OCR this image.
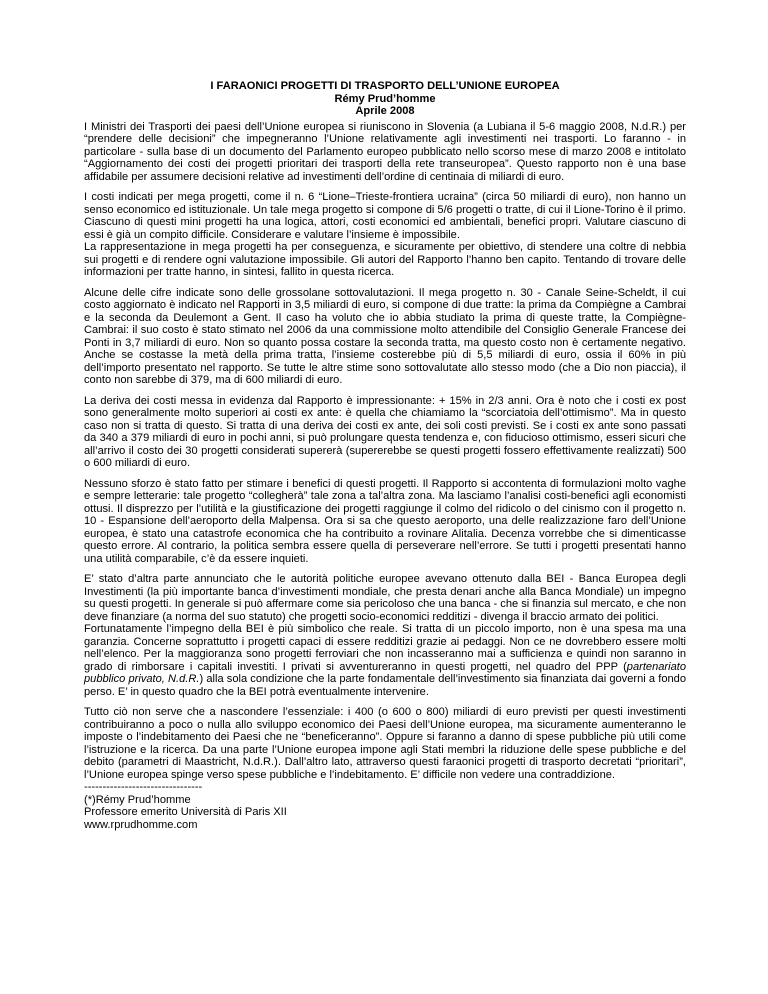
I FARAONICI PROGETTI DI TRASPORTO DELL’UNIONE EUROPEA
Rémy Prud’homme
Aprile 2008

I Ministri dei Trasporti dei paesi dell’Unione europea si riuniscono in Slovenia (a Lubiana il 5-6 maggio 2008, N.d.R.) per “prendere delle decisioni” che impegneranno l’Unione relativamente agli investimenti nei trasporti. Lo faranno - in particolare - sulla base di un documento del Parlamento europeo pubblicato nello scorso mese di marzo 2008 e intitolato “Aggiornamento dei costi dei progetti prioritari dei trasporti della rete transeuropea”. Questo rapporto non è una base affidabile per assumere decisioni relative ad investimenti dell’ordine di centinaia di miliardi di euro.

I costi indicati per mega progetti, come il n. 6 “Lione–Trieste-frontiera ucraina” (circa 50 miliardi di euro), non hanno un senso economico ed istituzionale. Un tale mega progetto si compone di 5/6 progetti o tratte, di cui il Lione-Torino è il primo. Ciascuno di questi mini progetti ha una logica, attori, costi economici ed ambientali, benefici propri. Valutare ciascuno di essi è già un compito difficile. Considerare e valutare l’insieme è impossibile.

La rappresentazione in mega progetti ha per conseguenza, e sicuramente per obiettivo, di stendere una coltre di nebbia sui progetti e di rendere ogni valutazione impossibile. Gli autori del Rapporto l’hanno ben capito. Tentando di trovare delle informazioni per tratte hanno, in sintesi, fallito in questa ricerca.

Alcune delle cifre indicate sono delle grossolane sottovalutazioni. Il mega progetto n. 30 - Canale Seine-Scheldt, il cui costo aggiornato è indicato nel Rapporti in 3,5 miliardi di euro, si compone di due tratte: la prima da Compiègne a Cambrai e la seconda da Deulemont a Gent. Il caso ha voluto che io abbia studiato la prima di queste tratte, la Compiègne-Cambrai: il suo costo è stato stimato nel 2006 da una commissione molto attendibile del Consiglio Generale Francese dei Ponti in 3,7 miliardi di euro. Non so quanto possa costare la seconda tratta, ma questo costo non è certamente negativo. Anche se costasse la metà della prima tratta, l’insieme costerebbe più di 5,5 miliardi di euro, ossia il 60% in più dell’importo presentato nel rapporto. Se tutte le altre stime sono sottovalutate allo stesso modo (che a Dio non piaccia), il conto non sarebbe di 379, ma di 600 miliardi di euro.

La deriva dei costi messa in evidenza dal Rapporto è impressionante: + 15% in 2/3 anni. Ora è noto che i costi ex post sono generalmente molto superiori ai costi ex ante: è quella che chiamiamo la “scorciatoia dell’ottimismo”. Ma in questo caso non si tratta di questo. Si tratta di una deriva dei costi ex ante, dei soli costi previsti. Se i costi ex ante sono passati da 340 a 379 miliardi di euro in pochi anni, si può prolungare questa tendenza e, con fiducioso ottimismo, esseri sicuri che all’arrivo il costo dei 30 progetti considerati supererà (supererebbe se questi progetti fossero effettivamente realizzati) 500 o 600 miliardi di euro.

Nessuno sforzo è stato fatto per stimare i benefici di questi progetti. Il Rapporto si accontenta di formulazioni molto vaghe e sempre letterarie: tale progetto “collegherà” tale zona a tal’altra zona. Ma lasciamo l’analisi costi-benefici agli economisti ottusi. Il disprezzo per l’utilità e la giustificazione dei progetti raggiunge il colmo del ridicolo o del cinismo con il progetto n. 10 - Espansione dell’aeroporto della Malpensa. Ora si sa che questo aeroporto, una delle realizzazione faro dell’Unione europea, è stato una catastrofe economica che ha contribuito a rovinare Alitalia. Decenza vorrebbe che si dimenticasse questo errore. Al contrario, la politica sembra essere quella di perseverare nell’errore. Se tutti i progetti presentati hanno una utilità comparabile, c’è da essere inquieti.

E’ stato d’altra parte annunciato che le autorità politiche europee avevano ottenuto dalla BEI - Banca Europea degli Investimenti (la più importante banca d’investimenti mondiale, che presta denari anche alla Banca Mondiale) un impegno su questi progetti. In generale si può affermare come sia pericoloso che una banca - che si finanzia sul mercato, e che non deve finanziare (a norma del suo statuto) che progetti socio-economici redditizi - divenga il braccio armato dei politici.

Fortunatamente l’impegno della BEI è più simbolico che reale. Si tratta di un piccolo importo, non è una spesa ma una garanzia. Concerne soprattutto i progetti capaci di essere redditizi grazie ai pedaggi. Non ce ne dovrebbero essere molti nell’elenco. Per la maggioranza sono progetti ferroviari che non incasseranno mai a sufficienza e quindi non saranno in grado di rimborsare i capitali investiti. I privati si avventureranno in questi progetti, nel quadro del PPP (partenariato pubblico privato, N.d.R.) alla sola condizione che la parte fondamentale dell’investimento sia finanziata dai governi a fondo perso. E’ in questo quadro che la BEI potrà eventualmente intervenire.

Tutto ciò non serve che a nascondere l’essenziale: i 400 (o 600 o 800) miliardi di euro previsti per questi investimenti contribuiranno a poco o nulla allo sviluppo economico dei Paesi dell’Unione europea, ma sicuramente aumenteranno le imposte o l’indebitamento dei Paesi che ne “beneficeranno”. Oppure si faranno a danno di spese pubbliche più utili come l’istruzione e la ricerca. Da una parte l’Unione europea impone agli Stati membri la riduzione delle spese pubbliche e del debito (parametri di Maastricht, N.d.R.). Dall’altro lato, attraverso questi faraonici progetti di trasporto decretati “prioritari”, l’Unione europea spinge verso spese pubbliche e l’indebitamento. E’ difficile non vedere una contraddizione.

--------------------------------
(*)Rémy Prud’homme
Professore emerito Università di Paris XII
www.rprudhomme.com
